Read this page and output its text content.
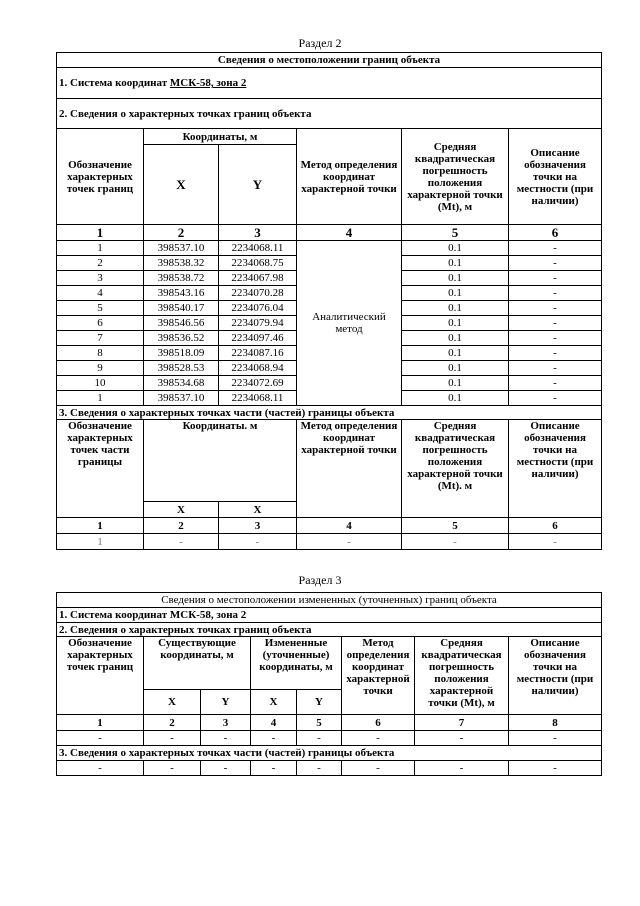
Раздел 2
Сведения о местоположении границ объекта					
1. Система координат МСК-58, зона 2					
2. Сведения о характерных точках границ объекта					
Обозначение характерных точек границ	Координаты, м		Метод определения координат характерной точки	Средняя квадратическая погрешность положения характерной точки (Mt), м	Описание обозначения точки на местности (при наличии)
	X	Y			
1	2	3	4	5	6
1	398537.10	2234068.11	Аналитический метод	0.1	-
2	398538.32	2234068.75		0.1	-
3	398538.72	2234067.98		0.1	-
4	398543.16	2234070.28		0.1	-
5	398540.17	2234076.04		0.1	-
6	398546.56	2234079.94		0.1	-
7	398536.52	2234097.46		0.1	-
8	398518.09	2234087.16		0.1	-
9	398528.53	2234068.94		0.1	-
10	398534.68	2234072.69		0.1	-
1	398537.10	2234068.11		0.1	-
3. Сведения о характерных точках части (частей) границы объекта					
Обозначение характерных точек части границы	Координаты. м		Метод определения координат характерной точки	Средняя квадратическая погрешность положения характерной точки (Mt). м	Описание обозначения точки на местности (при наличии)
	X	X			
1	2	3	4	5	6
1	-	-	-	-	-
Раздел 3
Сведения о местоположении измененных (уточненных) границ объекта							
1. Система координат МСК-58, зона 2							
2. Сведения о характерных точках границ объекта							
Обозначение характерных точек границ	Существующие координаты, м		Измененные (уточненные) координаты, м		Метод определения координат характерной точки	Средняя квадратическая погрешность положения характерной точки (Mt), м	Описание обозначения точки на местности (при наличии)
	X	Y	X	Y			
1	2	3	4	5	6	7	8
-	-	-	-	-	-	-	-
3. Сведения о характерных точках части (частей) границы объекта							
-	-	-	-	-	-	-	-
